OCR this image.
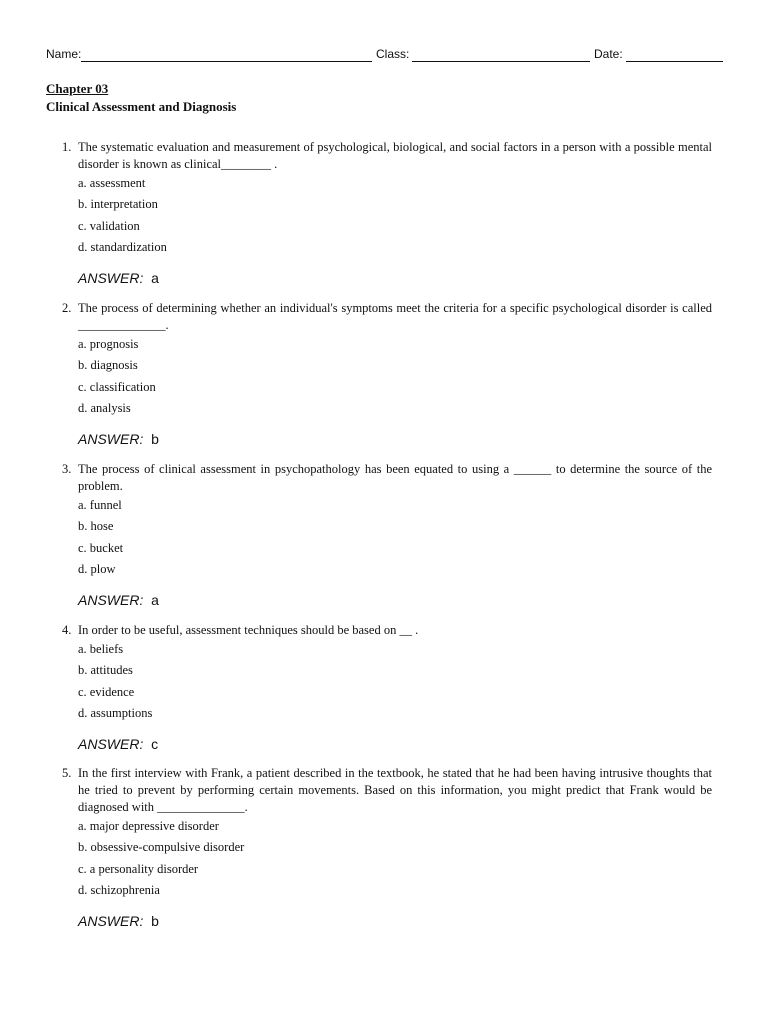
Name:	Class:	Date:
Chapter 03
Clinical Assessment and Diagnosis
1. The systematic evaluation and measurement of psychological, biological, and social factors in a person with a possible mental disorder is known as clinical________ .
a. assessment
b. interpretation
c. validation
d. standardization
ANSWER: a
2. The process of determining whether an individual's symptoms meet the criteria for a specific psychological disorder is called ______________.
a. prognosis
b. diagnosis
c. classification
d. analysis
ANSWER: b
3. The process of clinical assessment in psychopathology has been equated to using a ______ to determine the source of the problem.
a. funnel
b. hose
c. bucket
d. plow
ANSWER: a
4. In order to be useful, assessment techniques should be based on __ .
a. beliefs
b. attitudes
c. evidence
d. assumptions
ANSWER: c
5. In the first interview with Frank, a patient described in the textbook, he stated that he had been having intrusive thoughts that he tried to prevent by performing certain movements. Based on this information, you might predict that Frank would be diagnosed with ______________.
a. major depressive disorder
b. obsessive-compulsive disorder
c. a personality disorder
d. schizophrenia
ANSWER: b
